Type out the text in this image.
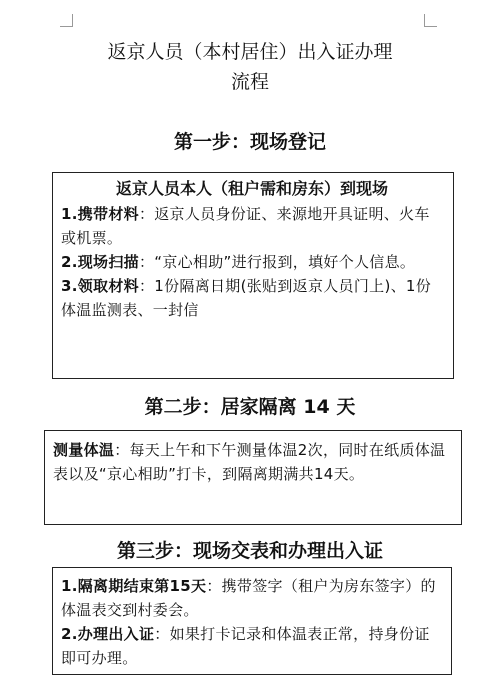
返京人员（本村居住）出入证办理
流程
第一步：现场登记
返京人员本人（租户需和房东）到现场
1.携带材料：返京人员身份证、来源地开具证明、火车或机票。
2.现场扫描：“京心相助”进行报到，填好个人信息。
3.领取材料：1份隔离日期(张贴到返京人员门上)、1份体温监测表、一封信
第二步：居家隔离 14 天
测量体温：每天上午和下午测量体温2次，同时在纸质体温表以及“京心相助”打卡，到隔离期满共14天。
第三步：现场交表和办理出入证
1.隔离期结束第15天：携带签字（租户为房东签字）的体温表交到村委会。
2.办理出入证：如果打卡记录和体温表正常，持身份证即可办理。
